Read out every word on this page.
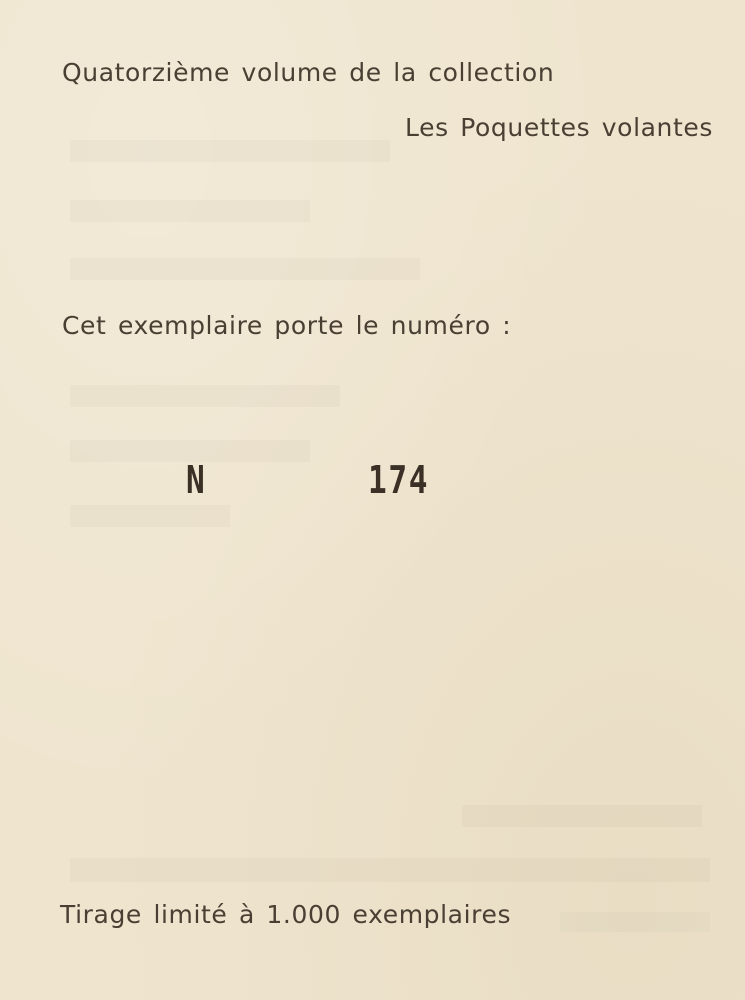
Quatorzième volume de la collection
Les Poquettes volantes
Cet exemplaire porte le numéro :
N	174
Tirage limité à 1.000 exemplaires
